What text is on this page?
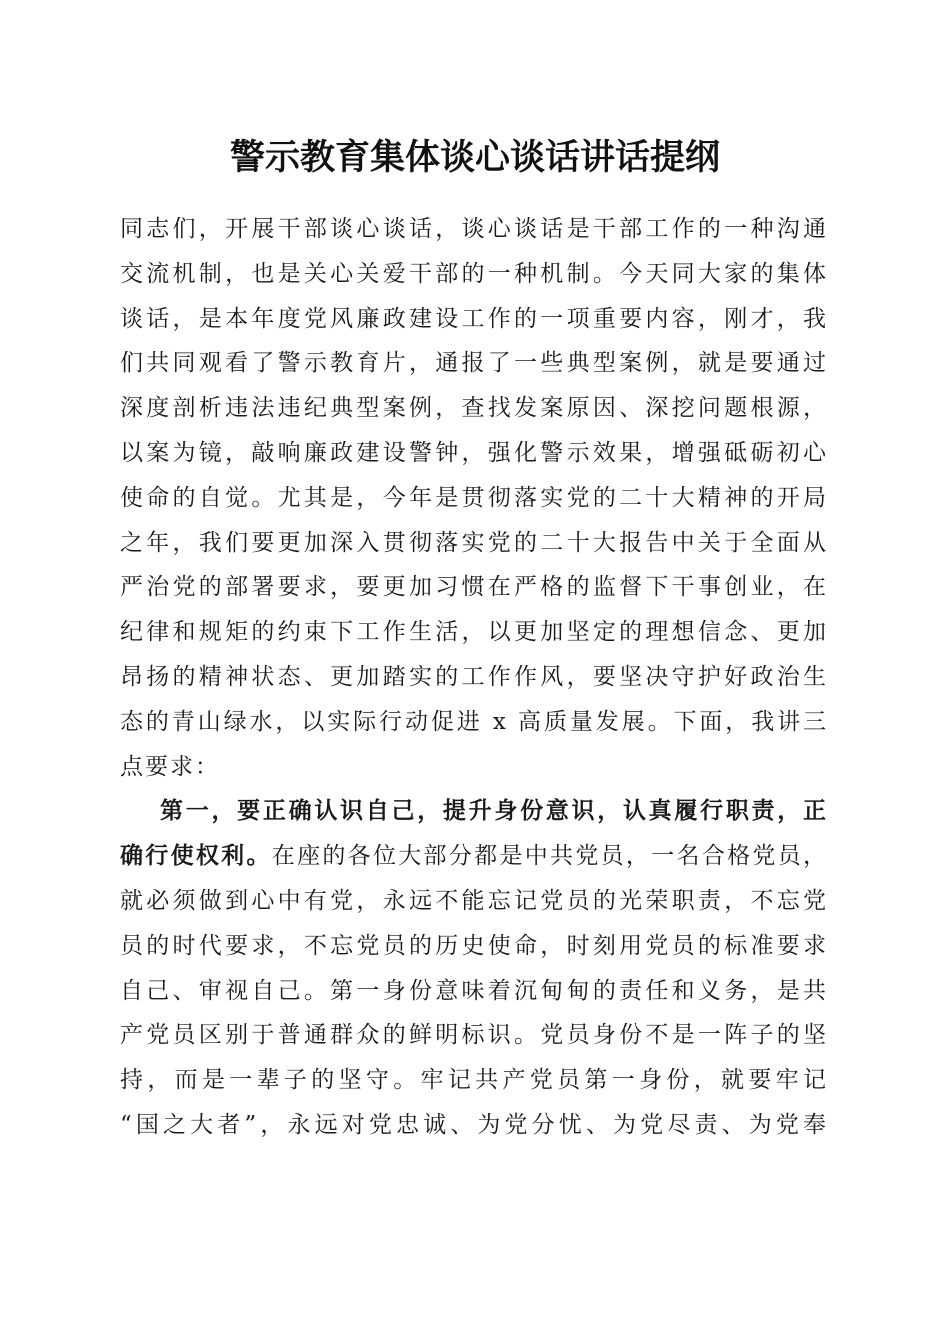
警示教育集体谈心谈话讲话提纲
同志们，开展干部谈心谈话，谈心谈话是干部工作的一种沟通
交流机制，也是关心关爱干部的一种机制。今天同大家的集体
谈话，是本年度党风廉政建设工作的一项重要内容，刚才，我
们共同观看了警示教育片，通报了一些典型案例，就是要通过
深度剖析违法违纪典型案例，查找发案原因、深挖问题根源，
以案为镜，敲响廉政建设警钟，强化警示效果，增强砥砺初心
使命的自觉。尤其是，今年是贯彻落实党的二十大精神的开局
之年，我们要更加深入贯彻落实党的二十大报告中关于全面从
严治党的部署要求，要更加习惯在严格的监督下干事创业，在
纪律和规矩的约束下工作生活，以更加坚定的理想信念、更加
昂扬的精神状态、更加踏实的工作作风，要坚决守护好政治生
态的青山绿水，以实际行动促进 x 高质量发展。下面，我讲三
点要求：
第一，要正确认识自己，提升身份意识，认真履行职责，正
确行使权利。在座的各位大部分都是中共党员，一名合格党员，
就必须做到心中有党，永远不能忘记党员的光荣职责，不忘党
员的时代要求，不忘党员的历史使命，时刻用党员的标准要求
自己、审视自己。第一身份意味着沉甸甸的责任和义务，是共
产党员区别于普通群众的鲜明标识。党员身份不是一阵子的坚
持，而是一辈子的坚守。牢记共产党员第一身份，就要牢记
“国之大者”，永远对党忠诚、为党分忧、为党尽责、为党奉
